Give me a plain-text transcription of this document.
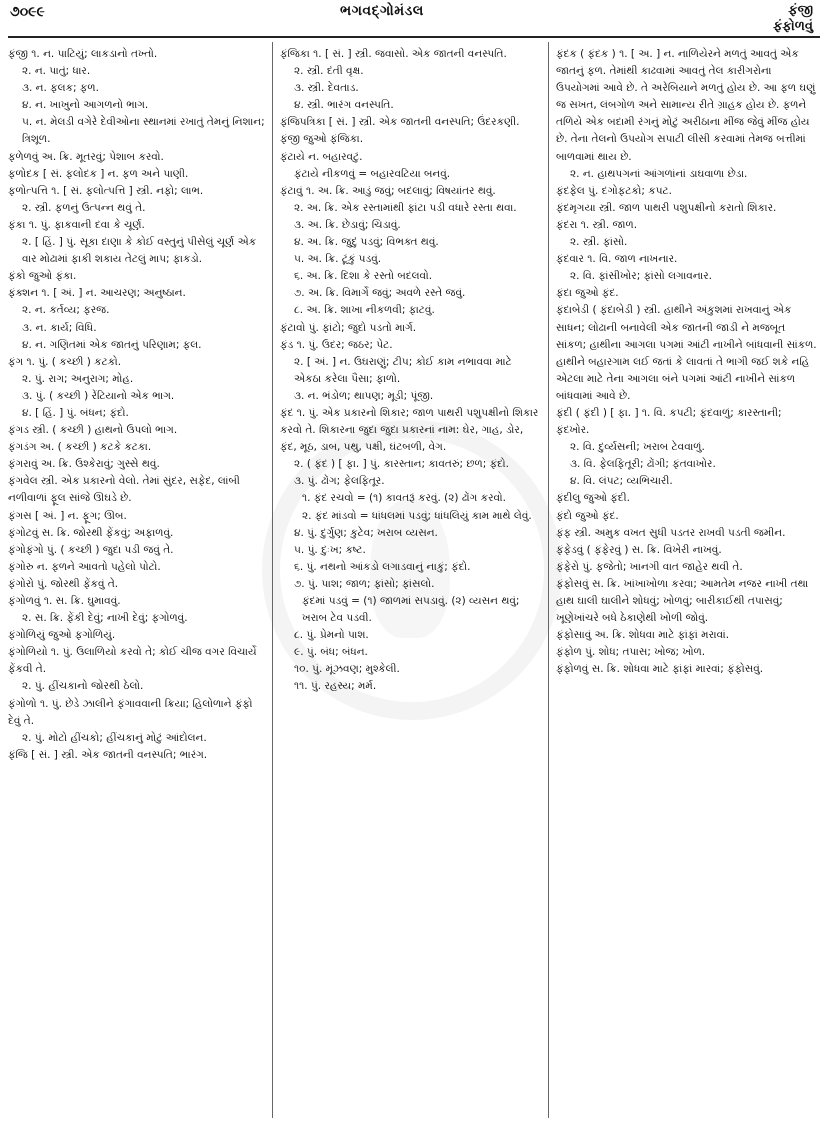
૭૦૯૯	ભગવદ્ગોમંડલ	ફંજી
ફંફોળવું

ફંજી ૧. ન. પાટિયું; લાકડાનો તખ્તો.

૨. ન. પાતું; ધાર.

૩. ન. ફલક; ફળ.

૪. ન. ખાખુનો આગળનો ભાગ.

૫. ન. મેલડી વગેરે દેવીઓના સ્થાનમાં રખાતું તેમનું નિશાન; ત્રિશૂળ.

ફળેળવું અ. ક્રિ. મૂતરવું; પેશાબ કરવો.

ફળોદક [ સં. ફલોદક ] ન. ફળ અને પાણી.

ફળોત્પત્તિ ૧. [ સં. ફલોત્પત્તિ ] સ્ત્રી. નફો; લાભ.

૨. સ્ત્રી. ફળનું ઉત્પન્ન થવું તે.

ફંકા ૧. પું. ફાકવાની દવા કે ચૂર્ણ.

૨. [ હિં. ] પું. સૂકા દાણા કે કોઈ વસ્તુનું પીસેલું ચૂર્ણ એક વાર મોઢામાં ફાકી શકાય તેટલું માપ; ફાકડો.

ફંકો જુઓ ફંકા.

ફંક્શન ૧. [ અં. ] ન. આચરણ; અનુષ્ઠાન.

૨. ન. કર્તવ્ય; ફરજ.

૩. ન. કાર્ય; વિધિ.

૪. ન. ગણિતમાં એક જાતનું પરિણામ; ફલ.

ફંગ ૧. પું. ( કચ્છી ) કટકો.

૨. પું. રાગ; અનુરાગ; મોહ.

૩. પું. ( કચ્છી ) રેંટિયાનો એક ભાગ.

૪. [ હિં. ] પું. બંધન; ફંદો.

ફંગડ સ્ત્રી. ( કચ્છી ) હાથનો ઉપલો ભાગ.

ફંગડંગ અ. ( કચ્છી ) કટકે કટકા.

ફંગરાવું અ. ક્રિ. ઉશ્કેરાવું; ગુસ્સે થવું.

ફંગવેલ સ્ત્રી. એક પ્રકારનો વેલો. તેમાં સુંદર, સફેદ, લાંબી નળીવાળાં ફૂલ સાંજે ઊઘડે છે.

ફંગસ [ અં. ] ન. ફૂગ; ઊબ.

ફંગોટવું સ. ક્રિ. જોરથી ફેંકવું; અફાળવું.

ફંગોફંગો પું. ( કચ્છી ) જુદા પડી જવું તે.

ફંગોરુ ન. ફળને આવતો પહેલો પોટો.

ફંગોરો પું. જોરથી ફેંકવું તે.

ફંગોળવું ૧. સ. ક્રિ. ઘુમાવવું.

૨. સ. ક્રિ. ફેંકી દેવું; નાખી દેવું; ફગોળવું.

ફંગોળિયું જુઓ ફગોળિયું.

ફંગોળિયો ૧. પું. ઉલાળિયો કરવો તે; કોઈ ચીજ વગર વિચાર્યે ફેંકવી તે.

૨. પું. હીંચકાનો જોરથી ઠેલો.

ફંગોળો ૧. પું. છેડે ઝાલીને ફંગાવવાની ક્રિયા; હિલોળાને ફંફો દેવું તે.

૨. પું. મોટો હીંચકો; હીંચકાનું મોટું આંદોલન.

ફંજિ [ સં. ] સ્ત્રી. એક જાતની વનસ્પતિ; ભારંગ.

ફંજિકા ૧. [ સં. ] સ્ત્રી. જવાસો. એક જાતની વનસ્પતિ.

૨. સ્ત્રી. દંતી વૃક્ષ.

૩. સ્ત્રી. દેવતાડ.

૪. સ્ત્રી. ભારંગ વનસ્પતિ.

ફંજિપત્રિકા [ સં. ] સ્ત્રી. એક જાતની વનસ્પતિ; ઉંદરકણી.

ફંજી જુઓ ફંજિકા.

ફંટાયે ન. બહારવટું.

ફંટાયે નીકળવું = બહારવટિયા બનવું.

ફંટાવું ૧. અ. ક્રિ. આડું જવું; બદલાવું; વિષયાંતર થવું.

૨. અ. ક્રિ. એક રસ્તામાંથી ફાંટા પડી વધારે રસ્તા થવા.

૩. અ. ક્રિ. છેડાવું; ચિડાવું.

૪. અ. ક્રિ. જુદું પડવું; વિભક્ત થવું.

૫. અ. ક્રિ. ટૂંકું પડવું.

૬. અ. ક્રિ. દિશા કે રસ્તો બદલવો.

૭. અ. ક્રિ. વિમાર્ગે જવું; અવળે રસ્તે જવું.

૮. અ. ક્રિ. શાખા નીકળવી; ફાટવું.

ફંટાવો પું. ફાંટો; જુદો પડતો માર્ગ.

ફંડ ૧. પું. ઉદર; જઠર; પેટ.

૨. [ અં. ] ન. ઉઘરાણું; ટીપ; કોઈ કામ નભાવવા માટે એકઠા કરેલા પૈસા; ફાળો.

૩. ન. ભંડોળ; થાપણ; મૂડી; પૂંજી.

ફંદ ૧. પું. એક પ્રકારનો શિકાર; જાળ પાથરી પશુપક્ષીનો શિકાર કરવો તે. શિકારના જુદા જુદા પ્રકારનાં નામ: ઘેર, ગાહ, ડોર, ફંદ, મૂઠ, ડાબ, પથુ, પક્ષી, ઘંટબળી, વેગ.

૨. ( ફંદ ) [ ફા. ] પું. કારસ્તાન; કાવતરું; છળ; ફંદો.

૩. પું. ઢોંગ; ફેલફિતૂર.

૧. ફંદ રચવો = (૧) કાવતરૂં કરવું. (૨) ઢોંગ કરવો.

૨. ફંદ માંડવો = ધાંધલમાં પડવું; ધાંધલિયું કામ માથે લેવું.

૪. પું. દુર્ગુણ; કુટેવ; ખરાબ વ્યસન.

૫. પું. દુઃખ; કષ્ટ.

૬. પું. નથનો આંકડો લગાડવાનું નાકું; ફંદો.

૭. પું. પાશ; જાળ; ફાંસો; ફાંસલો.

ફંદમાં પડવું = (૧) જાળમાં સપડાવું. (૨) વ્યસન થવું; ખરાબ ટેવ પડવી.

૮. પું. પ્રેમનો પાશ.

૯. પું. બંધ; બંધન.

૧૦. પું. મૂંઝવણ; મુશ્કેલી.

૧૧. પું. રહસ્ય; મર્મ.

ફંદક ( ફંદક ) ૧. [ અ. ] ન. નાળિયેરને મળતું આવતું એક જાતનું ફળ. તેમાંથી કાઢવામાં આવતું તેલ કારીગરોના ઉપયોગમાં આવે છે. તે અરેબિયાને મળતું હોય છે. આ ફળ ઘણું જ સખત, લંબગોળ અને સામાન્ય રીતે ગ્રાહક હોય છે. ફળને તળિયે એક બદામી રંગનું મોટું અરીઠાના મીંજ જેવું મીંજ હોય છે. તેના તેલનો ઉપયોગ સપાટી લીસી કરવામાં તેમજ બત્તીમાં બાળવામાં થાય છે.

૨. ન. હાથપગનાં આંગળાંનાં ડાઘવાળા છેડા.

ફંદફેલ પું. દગોફટકો; કપટ.

ફંદમૃગયા સ્ત્રી. જાળ પાથરી પશુપક્ષીનો કરાતો શિકાર.

ફંદરા ૧. સ્ત્રી. જાળ.

૨. સ્ત્રી. ફાંસો.

ફંદવાર ૧. વિ. જાળ નાખનાર.

૨. વિ. ફાંસીખોર; ફાંસો લગાવનાર.

ફંદા જુઓ ફંદ.

ફંદાબેડી ( ફંદાબેડી ) સ્ત્રી. હાથીને અંકુશમાં રાખવાનું એક સાધન; લોઢાની બનાવેલી એક જાતની જાડી ને મજબૂત સાંકળ; હાથીના આગલા પગમાં આંટી નાખીને બાંધવાની સાંકળ. હાથીને બહારગામ લઈ જતાં કે લાવતાં તે ભાગી જઈ શકે નહિ એટલા માટે તેના આગલા બંને પગમાં આંટી નાખીને સાંકળ બાંધવામાં આવે છે.

ફંદી ( ફંદી ) [ ફા. ] ૧. વિ. કપટી; ફંદવાળું; કારસ્તાની; ફંદખોર.

૨. વિ. દુર્વ્યસની; ખરાબ ટેવવાળું.

૩. વિ. ફેલફિતૂરી; ઢોંગી; ફંતવાખોર.

૪. વિ. લંપટ; વ્યભિચારી.

ફંદીલુ જુઓ ફંદી.

ફંદો જુઓ ફંદ.

ફંફ સ્ત્રી. અમુક વખત સુધી પડતર રાખવી પડતી જમીન.

ફંફેડવું ( ફંફેરવું ) સ. ક્રિ. વિખેરી નાખવું.

ફંફેરો પું. ફજેતો; ખાનગી વાત જાહેર થવી તે.

ફંફોસવું સ. ક્રિ. ખાંખાખોળા કરવા; આમતેમ નજર નાખી તથા હાથ ઘાલી ઘાલીને શોધવું; ખોળવું; બારીકાઈથી તપાસવું; ખૂણેખાંચરે બધે ઠેકાણેથી ખોળી જોવું.

ફંફોસાવું અ. ક્રિ. શોધવા માટે ફાંફાં મરાવાં.

ફંફોળ પું. શોધ; તપાસ; ખોજ; ખોળ.

ફંફોળવું સ. ક્રિ. શોધવા માટે ફાંફાં મારવાં; ફંફોસવું.
